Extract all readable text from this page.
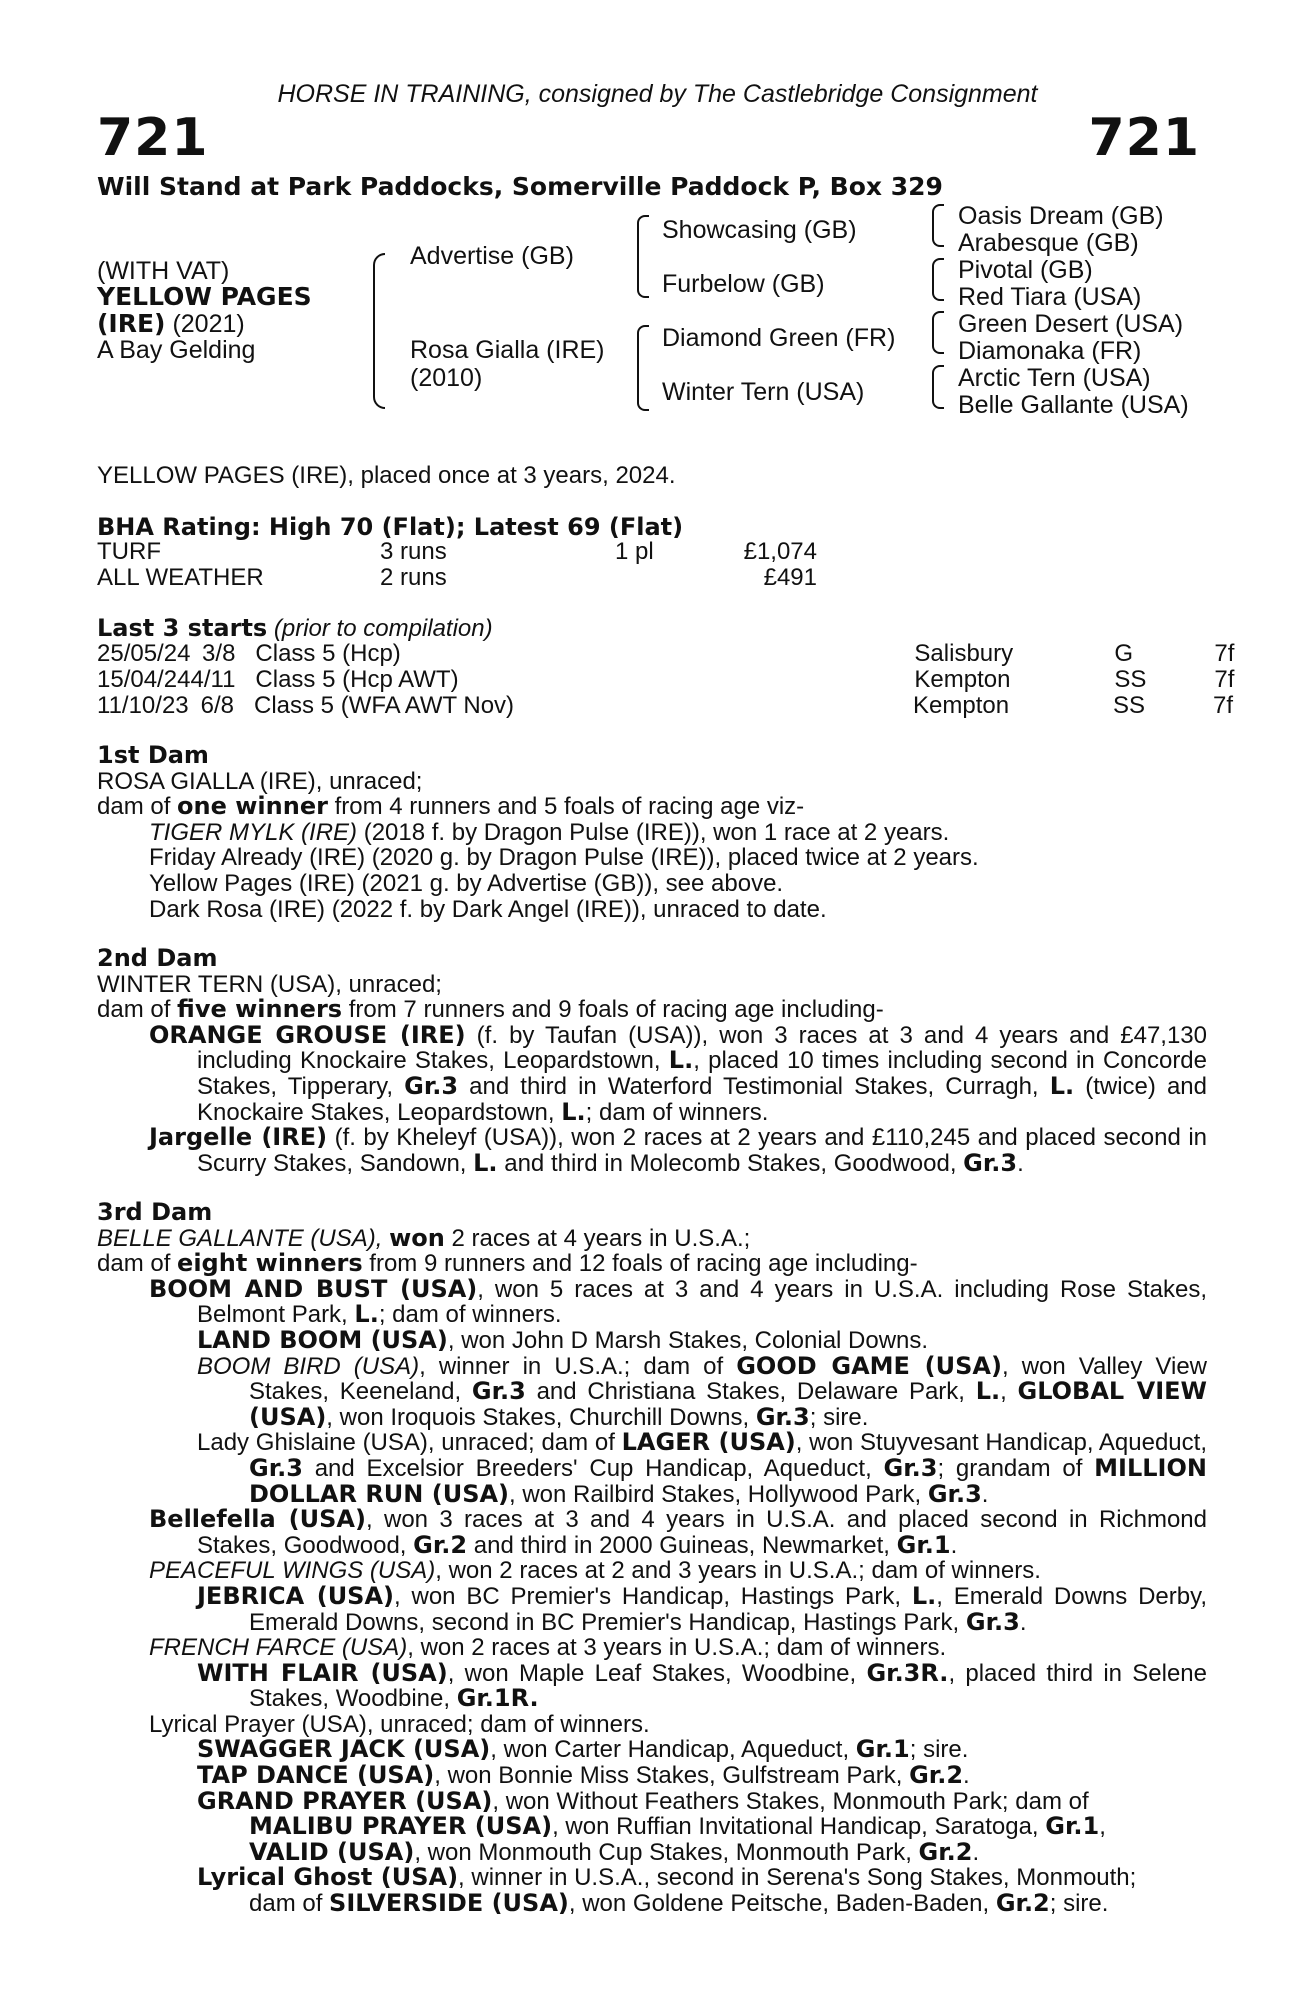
HORSE IN TRAINING, consigned by The Castlebridge Consignment
721	721
Will Stand at Park Paddocks, Somerville Paddock P, Box 329
(WITH VAT)
YELLOW PAGES
(IRE) (2021)
A Bay Gelding
Advertise (GB)
Rosa Gialla (IRE)
(2010)
Showcasing (GB)
Furbelow (GB)
Diamond Green (FR)
Winter Tern (USA)
Oasis Dream (GB)
Arabesque (GB)
Pivotal (GB)
Red Tiara (USA)
Green Desert (USA)
Diamonaka (FR)
Arctic Tern (USA)
Belle Gallante (USA)
YELLOW PAGES (IRE), placed once at 3 years, 2024.
BHA Rating: High 70 (Flat); Latest 69 (Flat)
TURF	3 runs	1 pl	£1,074
ALL WEATHER	2 runs		£491
Last 3 starts (prior to compilation)
25/05/24	3/8		Class 5 (Hcp)	Salisbury	G	7f
15/04/24	4/11		Class 5 (Hcp AWT)	Kempton	SS	7f
11/10/23	6/8		Class 5 (WFA AWT Nov)	Kempton	SS	7f
1st Dam
ROSA GIALLA (IRE), unraced;
dam of one winner from 4 runners and 5 foals of racing age viz-
TIGER MYLK (IRE) (2018 f. by Dragon Pulse (IRE)), won 1 race at 2 years.
Friday Already (IRE) (2020 g. by Dragon Pulse (IRE)), placed twice at 2 years.
Yellow Pages (IRE) (2021 g. by Advertise (GB)), see above.
Dark Rosa (IRE) (2022 f. by Dark Angel (IRE)), unraced to date.
2nd Dam
WINTER TERN (USA), unraced;
dam of five winners from 7 runners and 9 foals of racing age including-
ORANGE GROUSE (IRE) (f. by Taufan (USA)), won 3 races at 3 and 4 years and £47,130 including Knockaire Stakes, Leopardstown, L., placed 10 times including second in Concorde Stakes, Tipperary, Gr.3 and third in Waterford Testimonial Stakes, Curragh, L. (twice) and Knockaire Stakes, Leopardstown, L.; dam of winners.
Jargelle (IRE) (f. by Kheleyf (USA)), won 2 races at 2 years and £110,245 and placed second in Scurry Stakes, Sandown, L. and third in Molecomb Stakes, Goodwood, Gr.3.
3rd Dam
BELLE GALLANTE (USA), won 2 races at 4 years in U.S.A.;
dam of eight winners from 9 runners and 12 foals of racing age including-
BOOM AND BUST (USA), won 5 races at 3 and 4 years in U.S.A. including Rose Stakes, Belmont Park, L.; dam of winners.
LAND BOOM (USA), won John D Marsh Stakes, Colonial Downs.
BOOM BIRD (USA), winner in U.S.A.; dam of GOOD GAME (USA), won Valley View Stakes, Keeneland, Gr.3 and Christiana Stakes, Delaware Park, L., GLOBAL VIEW (USA), won Iroquois Stakes, Churchill Downs, Gr.3; sire.
Lady Ghislaine (USA), unraced; dam of LAGER (USA), won Stuyvesant Handicap, Aqueduct, Gr.3 and Excelsior Breeders' Cup Handicap, Aqueduct, Gr.3; grandam of MILLION DOLLAR RUN (USA), won Railbird Stakes, Hollywood Park, Gr.3.
Bellefella (USA), won 3 races at 3 and 4 years in U.S.A. and placed second in Richmond Stakes, Goodwood, Gr.2 and third in 2000 Guineas, Newmarket, Gr.1.
PEACEFUL WINGS (USA), won 2 races at 2 and 3 years in U.S.A.; dam of winners.
JEBRICA (USA), won BC Premier's Handicap, Hastings Park, L., Emerald Downs Derby, Emerald Downs, second in BC Premier's Handicap, Hastings Park, Gr.3.
FRENCH FARCE (USA), won 2 races at 3 years in U.S.A.; dam of winners.
WITH FLAIR (USA), won Maple Leaf Stakes, Woodbine, Gr.3R., placed third in Selene Stakes, Woodbine, Gr.1R.
Lyrical Prayer (USA), unraced; dam of winners.
SWAGGER JACK (USA), won Carter Handicap, Aqueduct, Gr.1; sire.
TAP DANCE (USA), won Bonnie Miss Stakes, Gulfstream Park, Gr.2.
GRAND PRAYER (USA), won Without Feathers Stakes, Monmouth Park; dam of
MALIBU PRAYER (USA), won Ruffian Invitational Handicap, Saratoga, Gr.1,
VALID (USA), won Monmouth Cup Stakes, Monmouth Park, Gr.2.
Lyrical Ghost (USA), winner in U.S.A., second in Serena's Song Stakes, Monmouth;
dam of SILVERSIDE (USA), won Goldene Peitsche, Baden-Baden, Gr.2; sire.
